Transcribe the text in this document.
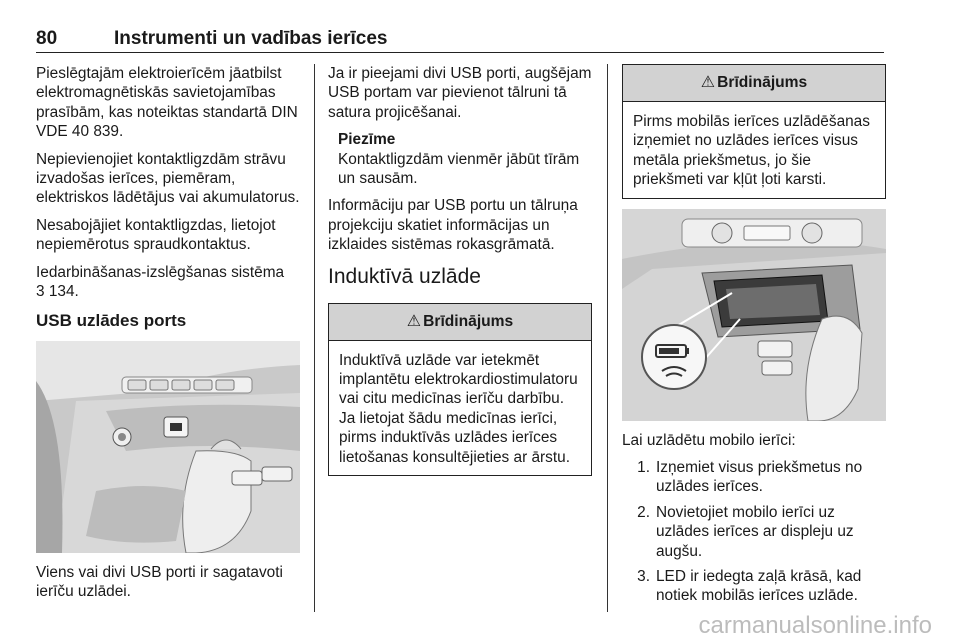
80	Instrumenti un vadības ierīces

Pieslēgtajām elektroierīcēm jāatbilst elektromagnētiskās savietojamības prasībām, kas noteiktas standartā DIN VDE 40 839.

Nepievienojiet kontaktligzdām strāvu izvadošas ierīces, piemēram, elektriskos lādētājus vai akumulatorus.

Nesabojājiet kontaktligzdas, lietojot nepiemērotus spraudkontaktus.

Iedarbināšanas-izslēgšanas sistēma
3 134.

USB uzlādes ports

Viens vai divi USB porti ir sagatavoti ierīču uzlādei.

Ja ir pieejami divi USB porti, augšējam USB portam var pievienot tālruni tā satura projicēšanai.

Piezīme
Kontaktligzdām vienmēr jābūt tīrām un sausām.

Informāciju par USB portu un tālruņa projekciju skatiet informācijas un izklaides sistēmas rokasgrāmatā.

Induktīvā uzlāde
⚠ Brīdinājums
Induktīvā uzlāde var ietekmēt implantētu elektrokardiostimulatoru vai citu medicīnas ierīču darbību. Ja lietojat šādu medicīnas ierīci, pirms induktīvās uzlādes ierīces lietošanas konsultējieties ar ārstu.
⚠ Brīdinājums
Pirms mobilās ierīces uzlādēšanas izņemiet no uzlādes ierīces visus metāla priekšmetus, jo šie priekšmeti var kļūt ļoti karsti.

Lai uzlādētu mobilo ierīci:

1. Izņemiet visus priekšmetus no uzlādes ierīces.
2. Novietojiet mobilo ierīci uz uzlādes ierīces ar displeju uz augšu.
3. LED ir iedegta zaļā krāsā, kad notiek mobilās ierīces uzlāde.
carmanualsonline.info
